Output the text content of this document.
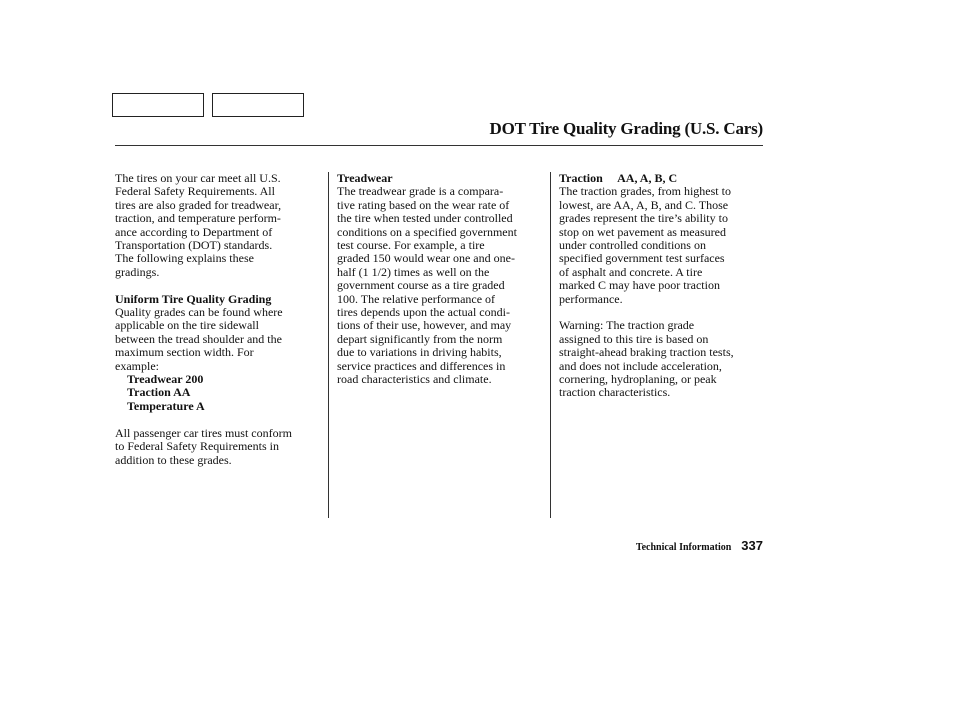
DOT Tire Quality Grading (U.S. Cars)
The tires on your car meet all U.S.
Federal Safety Requirements. All
tires are also graded for treadwear,
traction, and temperature perform-
ance according to Department of
Transportation (DOT) standards.
The following explains these
gradings.
Uniform Tire Quality Grading
Quality grades can be found where
applicable on the tire sidewall
between the tread shoulder and the
maximum section width. For
example:
Treadwear 200
Traction AA
Temperature A
All passenger car tires must conform
to Federal Safety Requirements in
addition to these grades.
Treadwear
The treadwear grade is a compara-
tive rating based on the wear rate of
the tire when tested under controlled
conditions on a specified government
test course. For example, a tire
graded 150 would wear one and one-
half (1 1/2) times as well on the
government course as a tire graded
100. The relative performance of
tires depends upon the actual condi-
tions of their use, however, and may
depart significantly from the norm
due to variations in driving habits,
service practices and differences in
road characteristics and climate.
Traction AA, A, B, C
The traction grades, from highest to
lowest, are AA, A, B, and C. Those
grades represent the tire’s ability to
stop on wet pavement as measured
under controlled conditions on
specified government test surfaces
of asphalt and concrete. A tire
marked C may have poor traction
performance.
Warning: The traction grade
assigned to this tire is based on
straight-ahead braking traction tests,
and does not include acceleration,
cornering, hydroplaning, or peak
traction characteristics.
Technical Information 337
